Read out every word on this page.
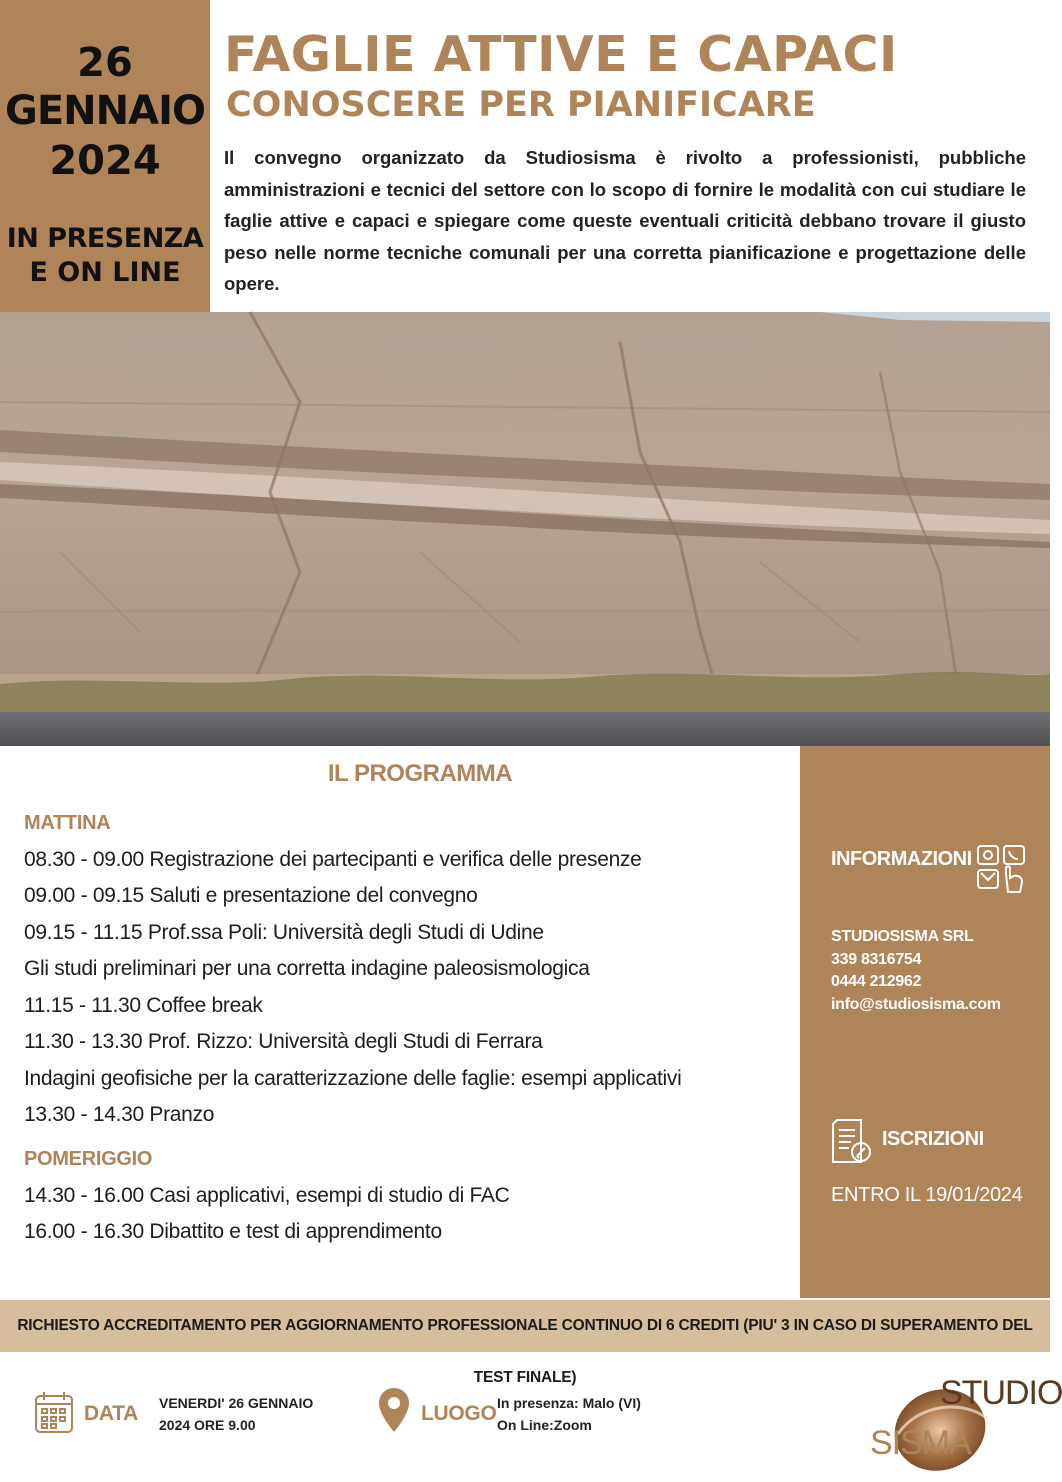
26
GENNAIO
2024
IN PRESENZA
E ON LINE
FAGLIE ATTIVE E CAPACI
CONOSCERE PER PIANIFICARE
Il convegno organizzato da Studiosisma è rivolto a professionisti, pubbliche amministrazioni e tecnici del settore con lo scopo di fornire le modalità con cui studiare le faglie attive e capaci e spiegare come queste eventuali criticità debbano trovare il giusto peso nelle norme tecniche comunali per una corretta pianificazione e progettazione delle opere.
IL PROGRAMMA
MATTINA
08.30 - 09.00 Registrazione dei partecipanti e verifica delle presenze
09.00 - 09.15 Saluti e presentazione del convegno
09.15 - 11.15 Prof.ssa Poli: Università degli Studi di Udine
Gli studi preliminari per una corretta indagine paleosismologica
11.15 - 11.30 Coffee break
11.30 - 13.30 Prof. Rizzo: Università degli Studi di Ferrara
Indagini geofisiche per la caratterizzazione delle faglie: esempi applicativi
13.30 - 14.30 Pranzo
POMERIGGIO
14.30 - 16.00 Casi applicativi, esempi di studio di FAC
16.00 - 16.30 Dibattito e test di apprendimento
INFORMAZIONI
STUDIOSISMA SRL
339 8316754
0444 212962
info@studiosisma.com
ISCRIZIONI
ENTRO IL 19/01/2024
RICHIESTO ACCREDITAMENTO PER AGGIORNAMENTO PROFESSIONALE CONTINUO DI 6 CREDITI (PIU' 3 IN CASO DI SUPERAMENTO DEL TEST FINALE)
DATA VENERDI' 26 GENNAIO
2024 ORE 9.00	LUOGO In presenza: Malo (VI)
On Line:Zoom
STUDIO
SISMA
